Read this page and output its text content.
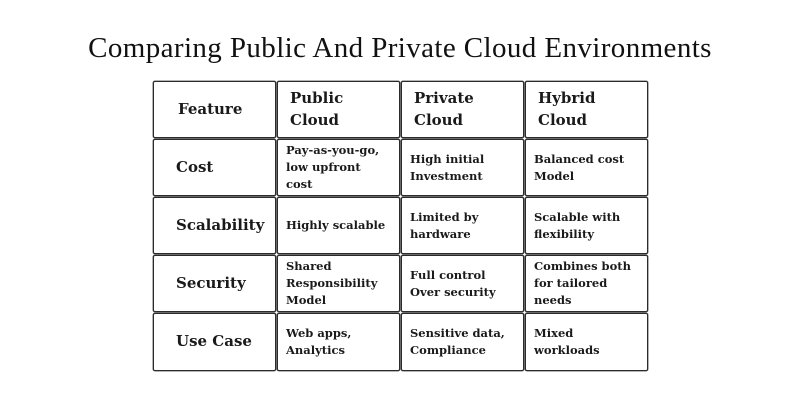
Comparing Public And Private Cloud Environments
Feature
Public Cloud
Private Cloud
Hybrid Cloud
Cost
Pay-as-you-go,
low upfront cost
High initial
Investment
Balanced cost
Model
Scalability	Highly scalable
Limited by
hardware
Scalable with
flexibility
Security
Shared
Responsibility
Model
Full control
Over security
Combines both
for tailored needs
Use Case	Web apps,
Analytics
Sensitive data,
Compliance
Mixed workloads
